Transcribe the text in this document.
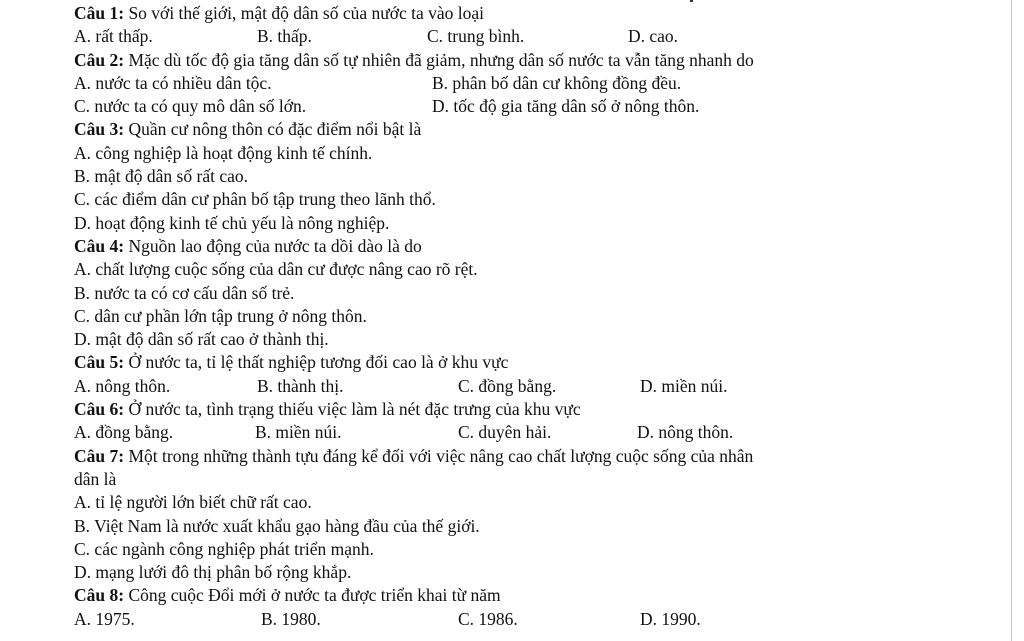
Câu 1: So với thế giới, mật độ dân số của nước ta vào loại
A. rất thấp.	B. thấp.	C. trung bình.	D. cao.
Câu 2: Mặc dù tốc độ gia tăng dân số tự nhiên đã giảm, nhưng dân số nước ta vẫn tăng nhanh do
A. nước ta có nhiều dân tộc.	B. phân bố dân cư không đồng đều.
C. nước ta có quy mô dân số lớn.	D. tốc độ gia tăng dân số ở nông thôn.
Câu 3: Quần cư nông thôn có đặc điểm nổi bật là
A. công nghiệp là hoạt động kinh tế chính.
B. mật độ dân số rất cao.
C. các điểm dân cư phân bố tập trung theo lãnh thổ.
D. hoạt động kinh tế chủ yếu là nông nghiệp.
Câu 4: Nguồn lao động của nước ta dồi dào là do
A. chất lượng cuộc sống của dân cư được nâng cao rõ rệt.
B. nước ta có cơ cấu dân số trẻ.
C. dân cư phần lớn tập trung ở nông thôn.
D. mật độ dân số rất cao ở thành thị.
Câu 5: Ở nước ta, tỉ lệ thất nghiệp tương đối cao là ở khu vực
A. nông thôn.	B. thành thị.	C. đồng bằng.	D. miền núi.
Câu 6: Ở nước ta, tình trạng thiếu việc làm là nét đặc trưng của khu vực
A. đồng bằng.	B. miền núi.	C. duyên hải.	D. nông thôn.
Câu 7: Một trong những thành tựu đáng kể đối với việc nâng cao chất lượng cuộc sống của nhân
dân là
A. tỉ lệ người lớn biết chữ rất cao.
B. Việt Nam là nước xuất khẩu gạo hàng đầu của thế giới.
C. các ngành công nghiệp phát triển mạnh.
D. mạng lưới đô thị phân bố rộng khắp.
Câu 8: Công cuộc Đổi mới ở nước ta được triển khai từ năm
A. 1975.	B. 1980.	C. 1986.	D. 1990.
